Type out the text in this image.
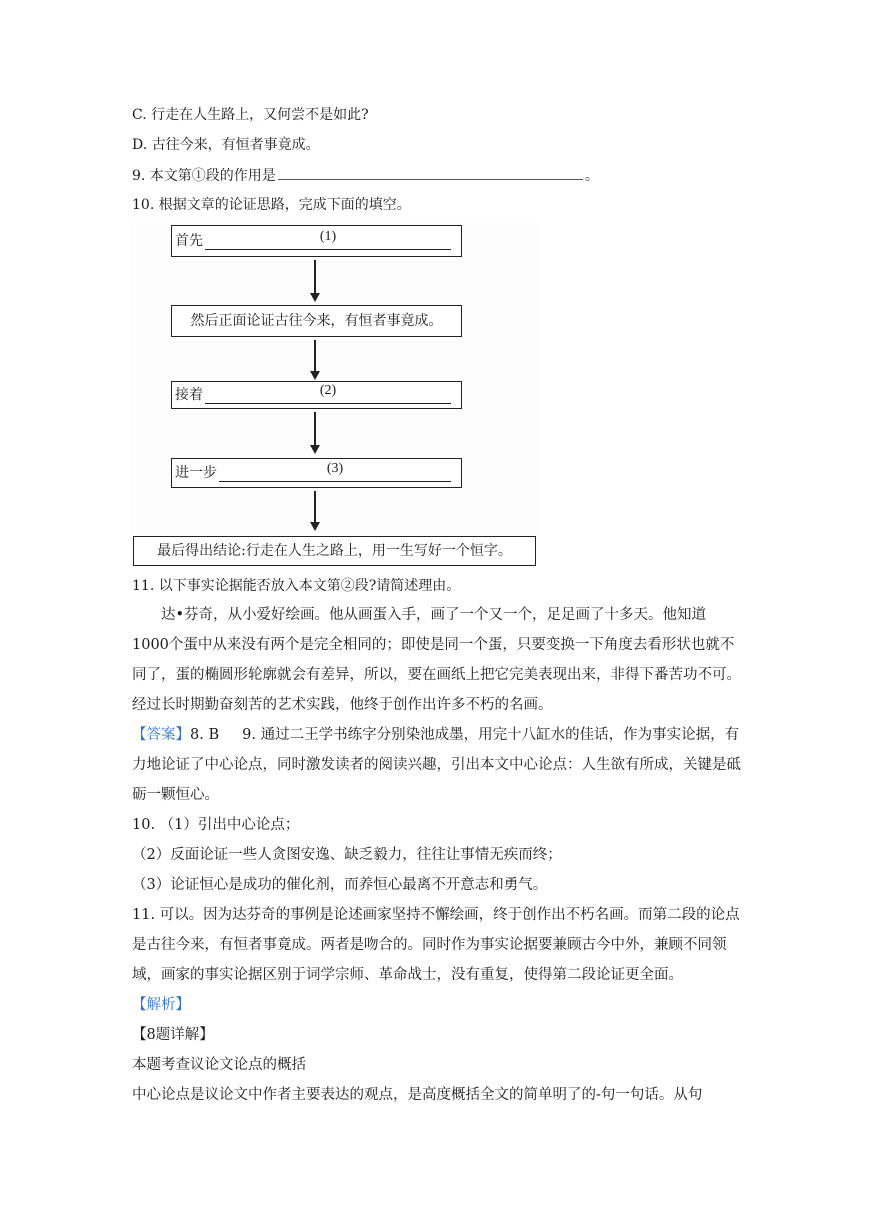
C. 行走在人生路上，又何尝不是如此?
D. 古往今来，有恒者事竟成。
9. 本文第①段的作用是	。
10. 根据文章的论证思路，完成下面的填空。
首先	(1)
然后正面论证古往今来，有恒者事竟成。
接着	(2)
进一步	(3)
最后得出结论:行走在人生之路上，用一生写好一个恒字。
11. 以下事实论据能否放入本文第②段?请简述理由。
达•芬奇，从小爱好绘画。他从画蛋入手，画了一个又一个，足足画了十多天。他知道1000个蛋中从来没有两个是完全相同的；即使是同一个蛋，只要变换一下角度去看形状也就不同了，蛋的椭圆形轮廓就会有差异，所以，要在画纸上把它完美表现出来，非得下番苦功不可。经过长时期勤奋刻苦的艺术实践，他终于创作出许多不朽的名画。
【答案】8. B 9. 通过二王学书练字分别染池成墨，用完十八缸水的佳话，作为事实论据，有力地论证了中心论点，同时激发读者的阅读兴趣，引出本文中心论点：人生欲有所成，关键是砥砺一颗恒心。
10. （1）引出中心论点；
（2）反面论证一些人贪图安逸、缺乏毅力，往往让事情无疾而终；
（3）论证恒心是成功的催化剂，而养恒心最离不开意志和勇气。
11. 可以。因为达芬奇的事例是论述画家坚持不懈绘画，终于创作出不朽名画。而第二段的论点是古往今来，有恒者事竟成。两者是吻合的。同时作为事实论据要兼顾古今中外，兼顾不同领域，画家的事实论据区别于词学宗师、革命战士，没有重复，使得第二段论证更全面。
【解析】
【8题详解】
本题考查议论文论点的概括
中心论点是议论文中作者主要表达的观点，是高度概括全文的简单明了的-句一句话。从句
